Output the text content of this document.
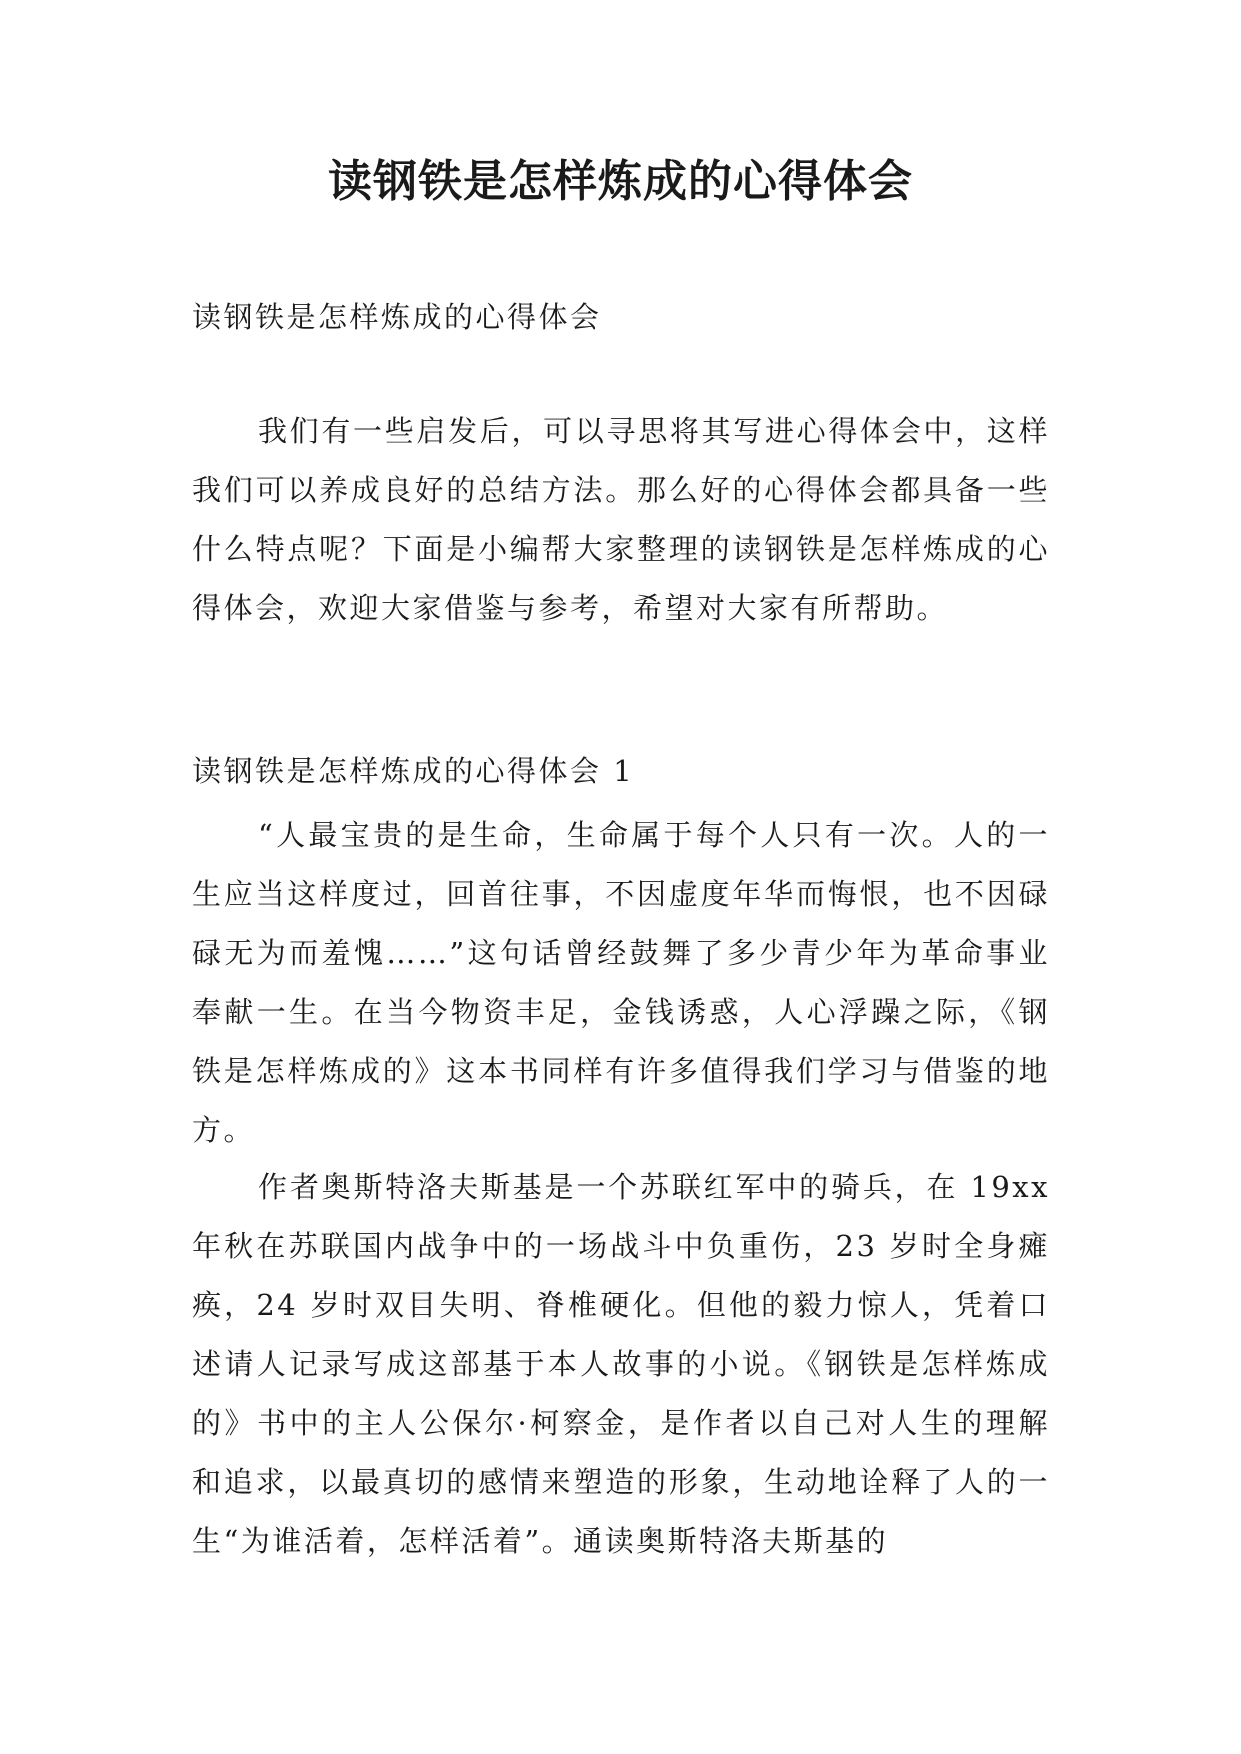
读钢铁是怎样炼成的心得体会

读钢铁是怎样炼成的心得体会

我们有一些启发后，可以寻思将其写进心得体会中，这样我们可以养成良好的总结方法。那么好的心得体会都具备一些什么特点呢？下面是小编帮大家整理的读钢铁是怎样炼成的心得体会，欢迎大家借鉴与参考，希望对大家有所帮助。

读钢铁是怎样炼成的心得体会 1

“人最宝贵的是生命，生命属于每个人只有一次。人的一生应当这样度过，回首往事，不因虚度年华而悔恨，也不因碌碌无为而羞愧……”这句话曾经鼓舞了多少青少年为革命事业奉献一生。在当今物资丰足，金钱诱惑，人心浮躁之际，《钢铁是怎样炼成的》这本书同样有许多值得我们学习与借鉴的地方。

作者奥斯特洛夫斯基是一个苏联红军中的骑兵，在 19xx 年秋在苏联国内战争中的一场战斗中负重伤，23 岁时全身瘫痪，24 岁时双目失明、脊椎硬化。但他的毅力惊人，凭着口述请人记录写成这部基于本人故事的小说。《钢铁是怎样炼成的》书中的主人公保尔·柯察金，是作者以自己对人生的理解和追求，以最真切的感情来塑造的形象，生动地诠释了人的一生“为谁活着，怎样活着”。通读奥斯特洛夫斯基的
